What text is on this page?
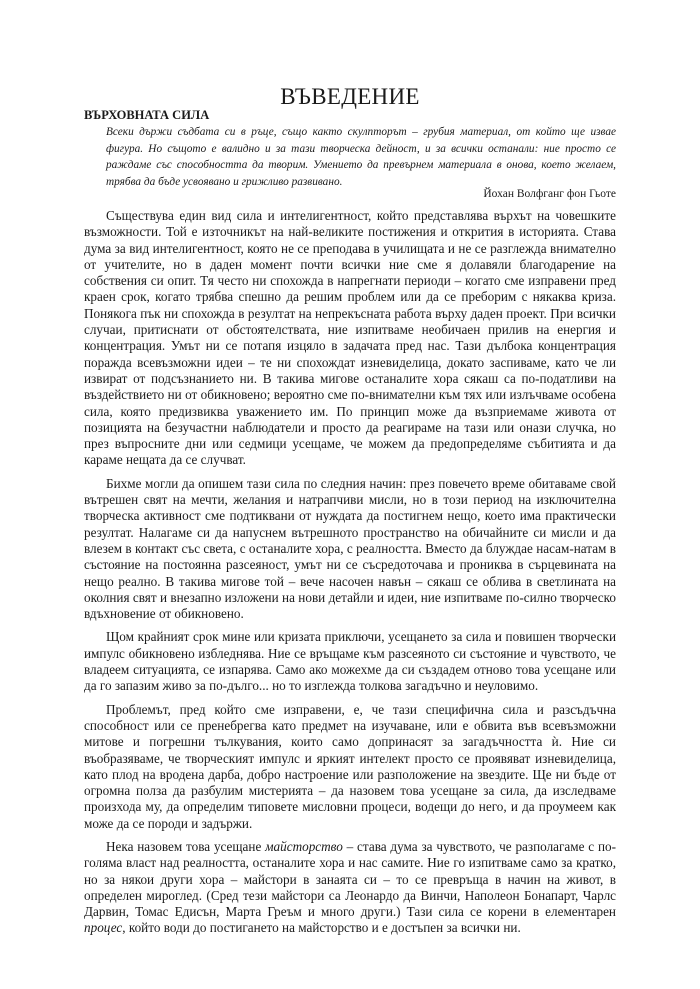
ВЪВЕДЕНИЕ
ВЪРХОВНАТА СИЛА

Всеки държи съдбата си в ръце, също както скулпторът – грубия материал, от който ще извае фигура. Но същото е валидно и за тази творческа дейност, и за всички останали: ние просто се раждаме със способността да творим. Умението да превърнем материала в онова, което желаем, трябва да бъде усвоявано и грижливо развивано.

Йохан Волфганг фон Гьоте

Съществува един вид сила и интелигентност, който представлява върхът на човешките възможности. Той е източникът на най-великите постижения и открития в историята. Става дума за вид интелигентност, която не се преподава в училищата и не се разглежда внимателно от учителите, но в даден момент почти всички ние сме я долавяли благодарение на собствения си опит. Тя често ни спохожда в напрегнати периоди – когато сме изправени пред краен срок, когато трябва спешно да решим проблем или да се преборим с някаква криза. Понякога пък ни спохожда в резултат на непрекъсната работа върху даден проект. При всички случаи, притиснати от обстоятелствата, ние изпитваме необичаен прилив на енергия и концентрация. Умът ни се потапя изцяло в задачата пред нас. Тази дълбока концентрация поражда всевъзможни идеи – те ни спохождат изневиделица, докато заспиваме, като че ли извират от подсъзнанието ни. В такива мигове останалите хора сякаш са по-податливи на въздействието ни от обикновено; вероятно сме по-внимателни към тях или излъчваме особена сила, която предизвиква уважението им. По принцип може да възприемаме живота от позицията на безучастни наблюдатели и просто да реагираме на тази или онази случка, но през въпросните дни или седмици усещаме, че можем да предопределяме събитията и да караме нещата да се случват.

Бихме могли да опишем тази сила по следния начин: през повечето време обитаваме свой вътрешен свят на мечти, желания и натрапчиви мисли, но в този период на изключителна творческа активност сме подтиквани от нуждата да постигнем нещо, което има практически резултат. Налагаме си да напуснем вътрешното пространство на обичайните си мисли и да влезем в контакт със света, с останалите хора, с реалността. Вместо да блуждае насам-натам в състояние на постоянна разсеяност, умът ни се съсредоточава и прониква в сърцевината на нещо реално. В такива мигове той – вече насочен навън – сякаш се облива в светлината на околния свят и внезапно изложени на нови детайли и идеи, ние изпитваме по-силно творческо вдъхновение от обикновено.

Щом крайният срок мине или кризата приключи, усещането за сила и повишен творчески импулс обикновено избледнява. Ние се връщаме към разсеяното си състояние и чувството, че владеем ситуацията, се изпарява. Само ако можехме да си създадем отново това усещане или да го запазим живо за по-дълго... но то изглежда толкова загадъчно и неуловимо.

Проблемът, пред който сме изправени, е, че тази специфична сила и разсъдъчна способност или се пренебрегва като предмет на изучаване, или е обвита във всевъзможни митове и погрешни тълкувания, които само допринасят за загадъчността ѝ. Ние си въобразяваме, че творческият импулс и яркият интелект просто се проявяват изневиделица, като плод на вродена дарба, добро настроение или разположение на звездите. Ще ни бъде от огромна полза да разбулим мистерията – да назовем това усещане за сила, да изследваме произхода му, да определим типовете мисловни процеси, водещи до него, и да проумеем как може да се породи и задържи.

Нека назовем това усещане майсторство – става дума за чувството, че разполагаме с по-голяма власт над реалността, останалите хора и нас самите. Ние го изпитваме само за кратко, но за някои други хора – майстори в занаята си – то се превръща в начин на живот, в определен мироглед. (Сред тези майстори са Леонардо да Винчи, Наполеон Бонапарт, Чарлс Дарвин, Томас Едисън, Марта Греъм и много други.) Тази сила се корени в елементарен процес, който води до постигането на майсторство и е достъпен за всички ни.
